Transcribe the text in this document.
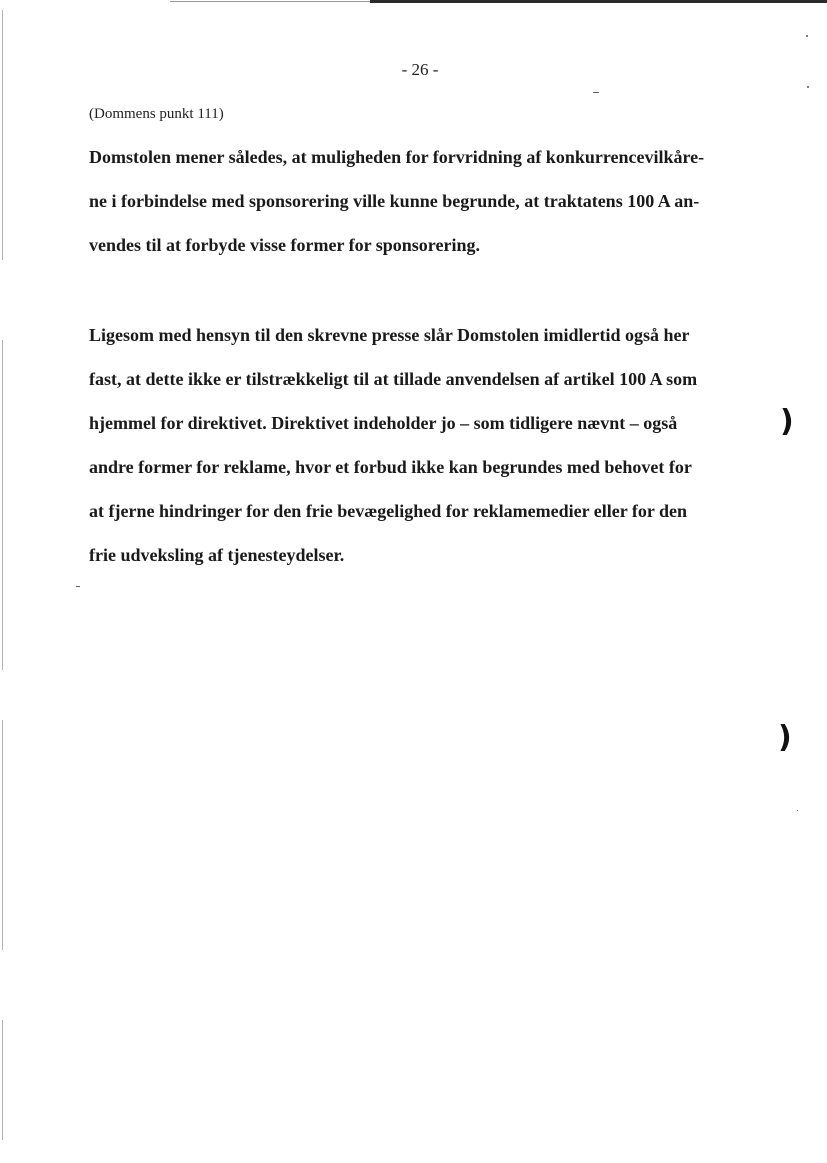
- 26 -
(Dommens punkt 111)
Domstolen mener således, at muligheden for forvridning af konkurrencevilkåre-
ne i forbindelse med sponsorering ville kunne begrunde, at traktatens 100 A an-
vendes til at forbyde visse former for sponsorering.
Ligesom med hensyn til den skrevne presse slår Domstolen imidlertid også her
fast, at dette ikke er tilstrækkeligt til at tillade anvendelsen af artikel 100 A som
hjemmel for direktivet. Direktivet indeholder jo – som tidligere nævnt – også
andre former for reklame, hvor et forbud ikke kan begrundes med behovet for
at fjerne hindringer for den frie bevægelighed for reklamemedier eller for den
frie udveksling af tjenesteydelser.
)
)
